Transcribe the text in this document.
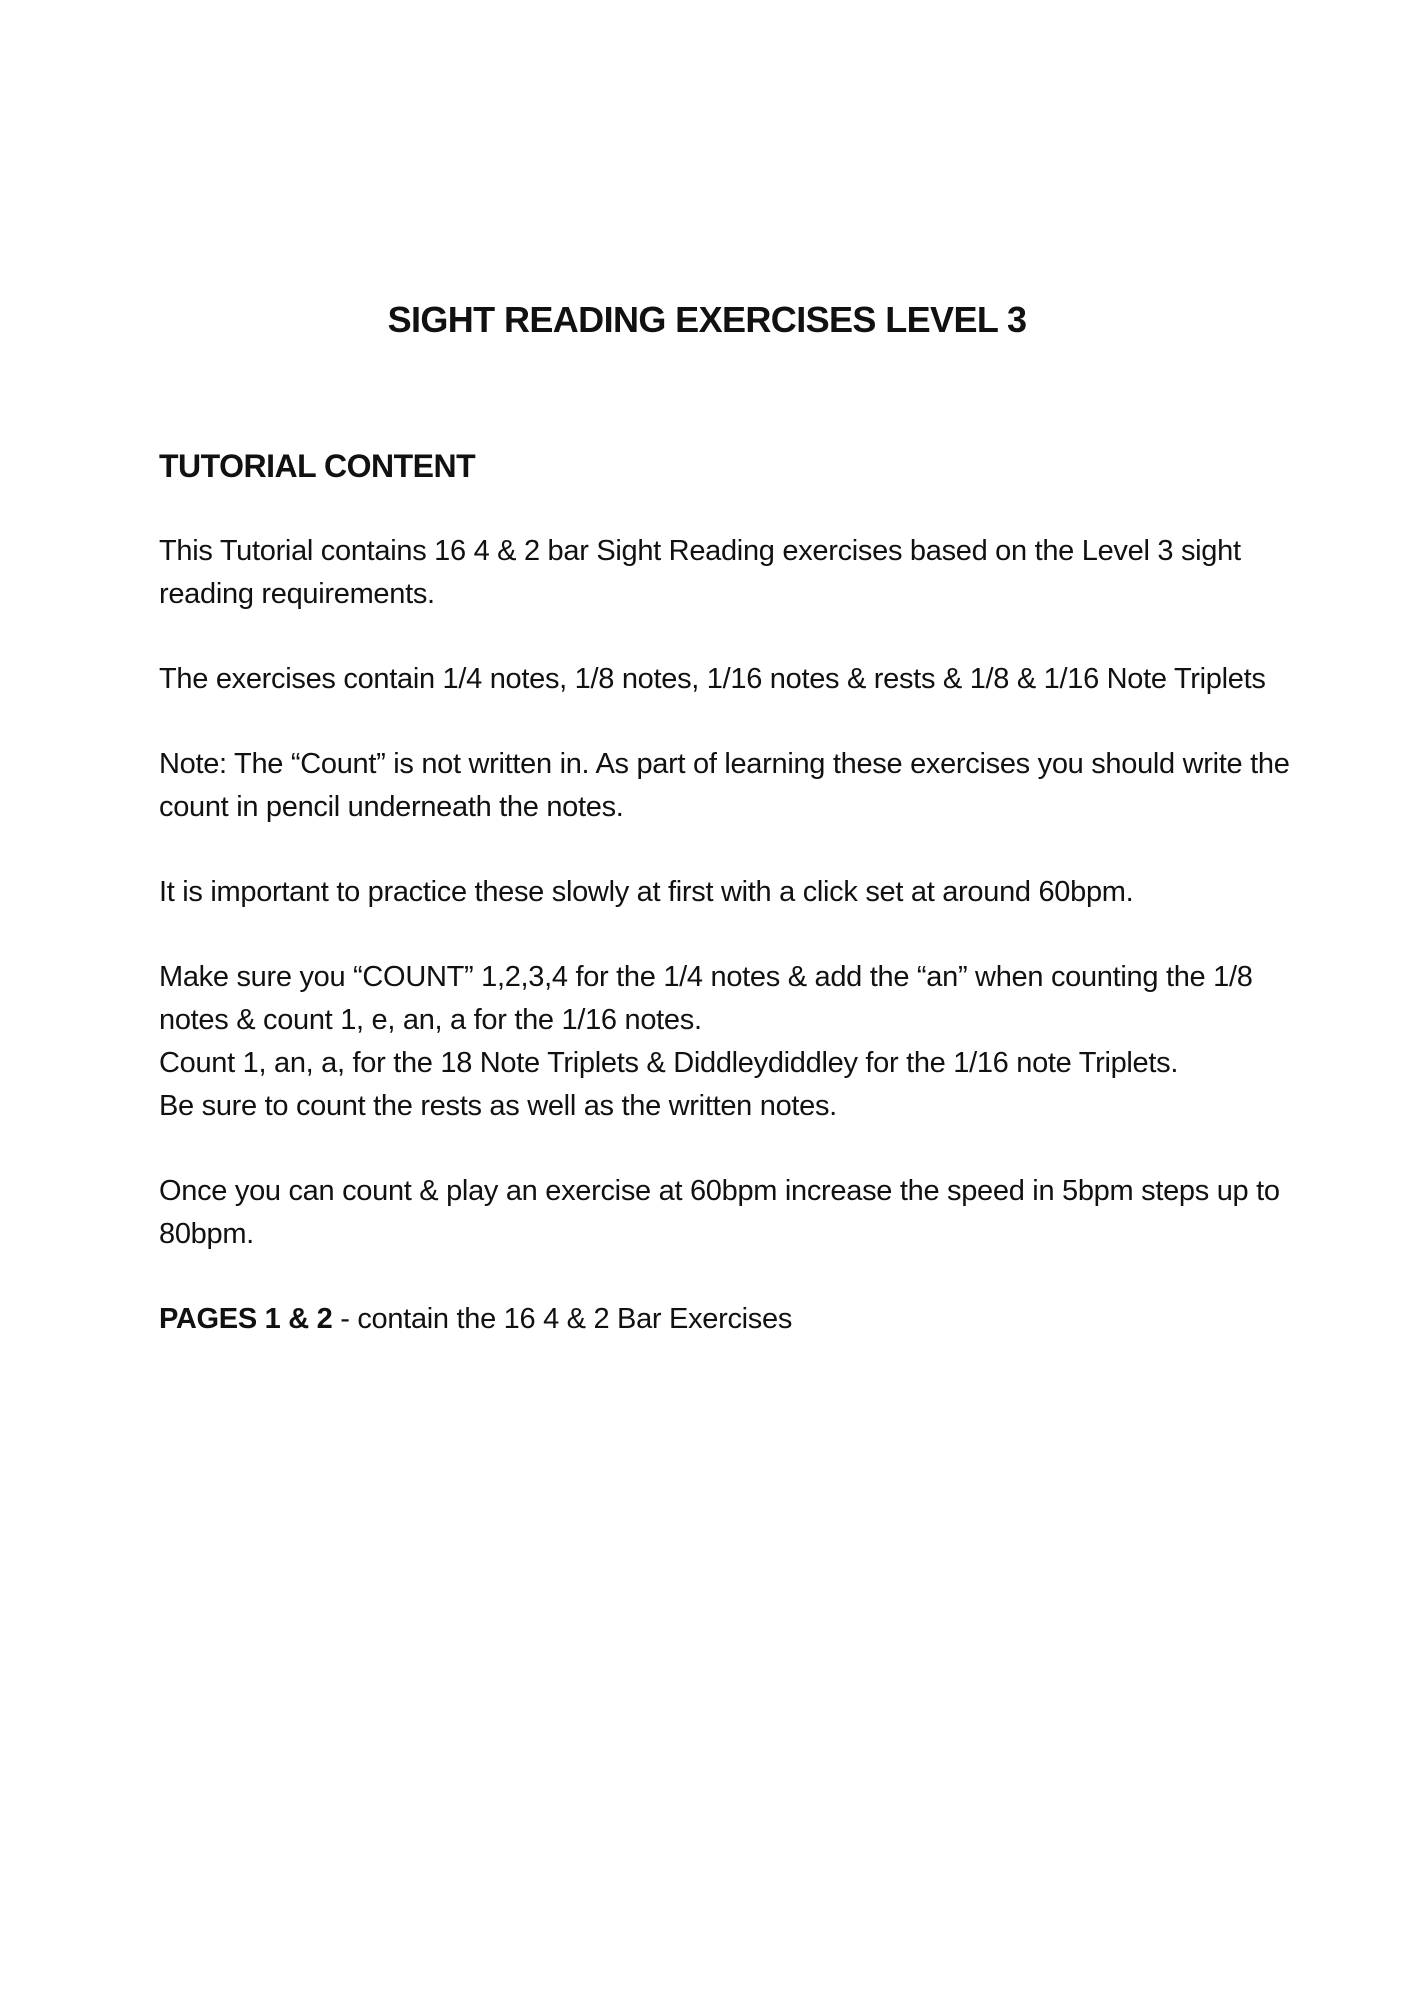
SIGHT READING EXERCISES LEVEL 3
TUTORIAL CONTENT

This Tutorial contains 16 4 & 2 bar Sight Reading exercises based on the Level 3 sight reading requirements.

The exercises contain 1/4 notes, 1/8 notes, 1/16 notes & rests & 1/8 & 1/16 Note Triplets

Note: The “Count” is not written in. As part of learning these exercises you should write the count in pencil underneath the notes.

It is important to practice these slowly at first with a click set at around 60bpm.

Make sure you “COUNT” 1,2,3,4 for the 1/4 notes & add the “an” when counting the 1/8 notes & count 1, e, an, a for the 1/16 notes.
Count 1, an, a, for the 18 Note Triplets & Diddleydiddley for the 1/16 note Triplets.
Be sure to count the rests as well as the written notes.

Once you can count & play an exercise at 60bpm increase the speed in 5bpm steps up to 80bpm.

PAGES 1 & 2 - contain the 16 4 & 2 Bar Exercises
